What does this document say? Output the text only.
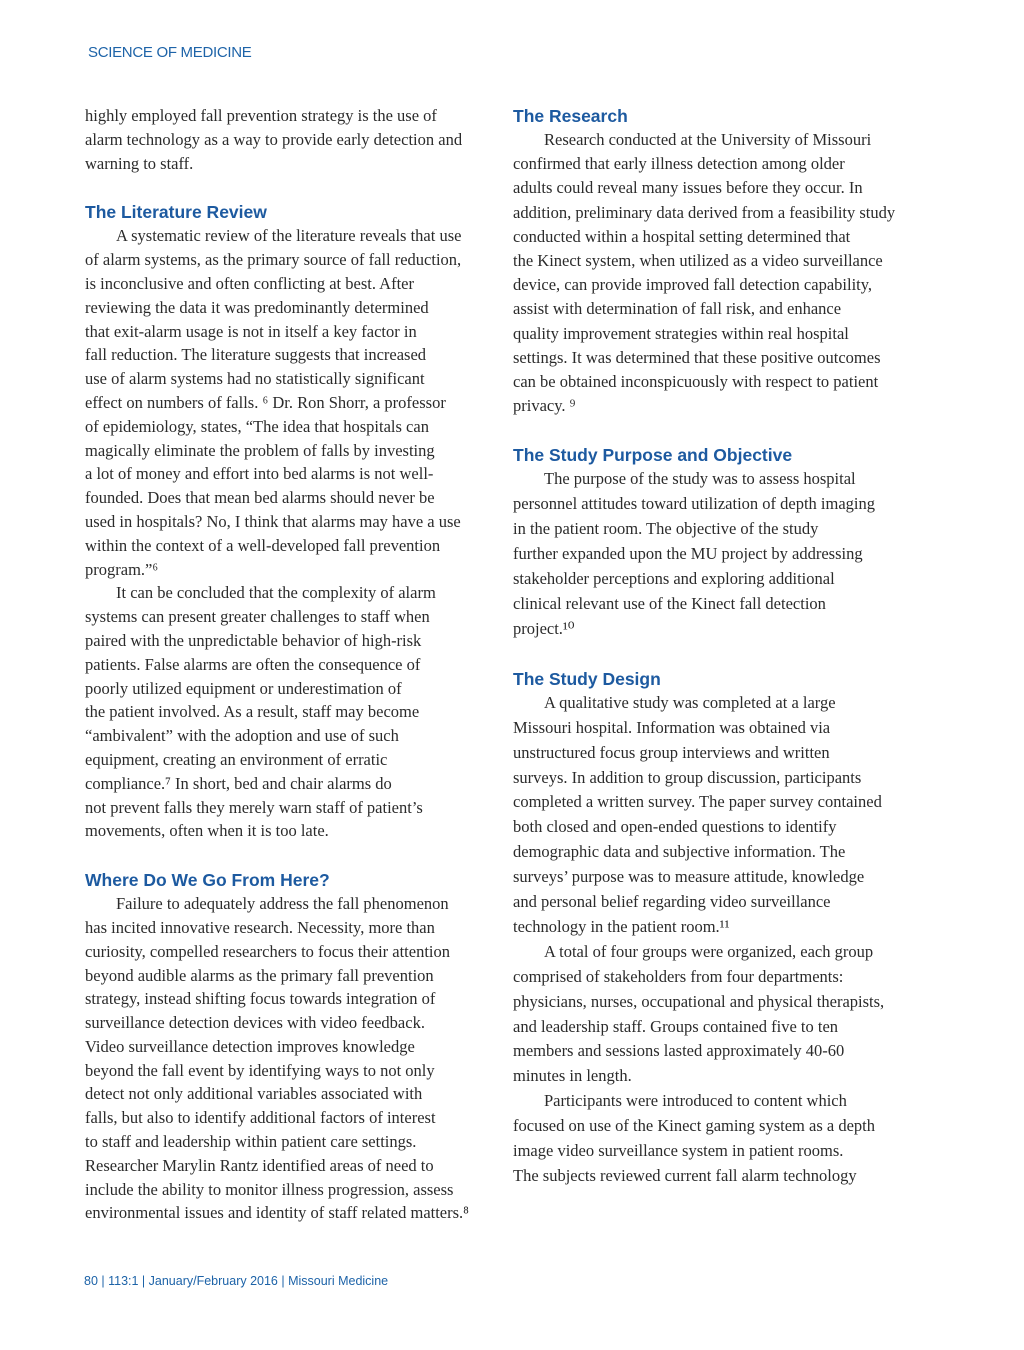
SCIENCE OF MEDICINE

highly employed fall prevention strategy is the use of
alarm technology as a way to provide early detection and
warning to staff.

The Literature Review

A systematic review of the literature reveals that use
of alarm systems, as the primary source of fall reduction,
is inconclusive and often conflicting at best. After
reviewing the data it was predominantly determined
that exit-alarm usage is not in itself a key factor in
fall reduction. The literature suggests that increased
use of alarm systems had no statistically significant
effect on numbers of falls. ⁶ Dr. Ron Shorr, a professor
of epidemiology, states, “The idea that hospitals can
magically eliminate the problem of falls by investing
a lot of money and effort into bed alarms is not well-
founded. Does that mean bed alarms should never be
used in hospitals? No, I think that alarms may have a use
within the context of a well-developed fall prevention
program.”⁶

It can be concluded that the complexity of alarm
systems can present greater challenges to staff when
paired with the unpredictable behavior of high-risk
patients. False alarms are often the consequence of
poorly utilized equipment or underestimation of
the patient involved. As a result, staff may become
“ambivalent” with the adoption and use of such
equipment, creating an environment of erratic
compliance.⁷ In short, bed and chair alarms do
not prevent falls they merely warn staff of patient’s
movements, often when it is too late.

Where Do We Go From Here?

Failure to adequately address the fall phenomenon
has incited innovative research. Necessity, more than
curiosity, compelled researchers to focus their attention
beyond audible alarms as the primary fall prevention
strategy, instead shifting focus towards integration of
surveillance detection devices with video feedback.
Video surveillance detection improves knowledge
beyond the fall event by identifying ways to not only
detect not only additional variables associated with
falls, but also to identify additional factors of interest
to staff and leadership within patient care settings.
Researcher Marylin Rantz identified areas of need to
include the ability to monitor illness progression, assess
environmental issues and identity of staff related matters.⁸

The Research

Research conducted at the University of Missouri
confirmed that early illness detection among older
adults could reveal many issues before they occur. In
addition, preliminary data derived from a feasibility study
conducted within a hospital setting determined that
the Kinect system, when utilized as a video surveillance
device, can provide improved fall detection capability,
assist with determination of fall risk, and enhance
quality improvement strategies within real hospital
settings. It was determined that these positive outcomes
can be obtained inconspicuously with respect to patient
privacy. ⁹

The Study Purpose and Objective

The purpose of the study was to assess hospital
personnel attitudes toward utilization of depth imaging
in the patient room. The objective of the study
further expanded upon the MU project by addressing
stakeholder perceptions and exploring additional
clinical relevant use of the Kinect fall detection
project.¹⁰

The Study Design

A qualitative study was completed at a large
Missouri hospital. Information was obtained via
unstructured focus group interviews and written
surveys. In addition to group discussion, participants
completed a written survey. The paper survey contained
both closed and open-ended questions to identify
demographic data and subjective information. The
surveys’ purpose was to measure attitude, knowledge
and personal belief regarding video surveillance
technology in the patient room.¹¹

A total of four groups were organized, each group
comprised of stakeholders from four departments:
physicians, nurses, occupational and physical therapists,
and leadership staff. Groups contained five to ten
members and sessions lasted approximately 40-60
minutes in length.

Participants were introduced to content which
focused on use of the Kinect gaming system as a depth
image video surveillance system in patient rooms.

The subjects reviewed current fall alarm technology

80 | 113:1 | January/February 2016 | Missouri Medicine
